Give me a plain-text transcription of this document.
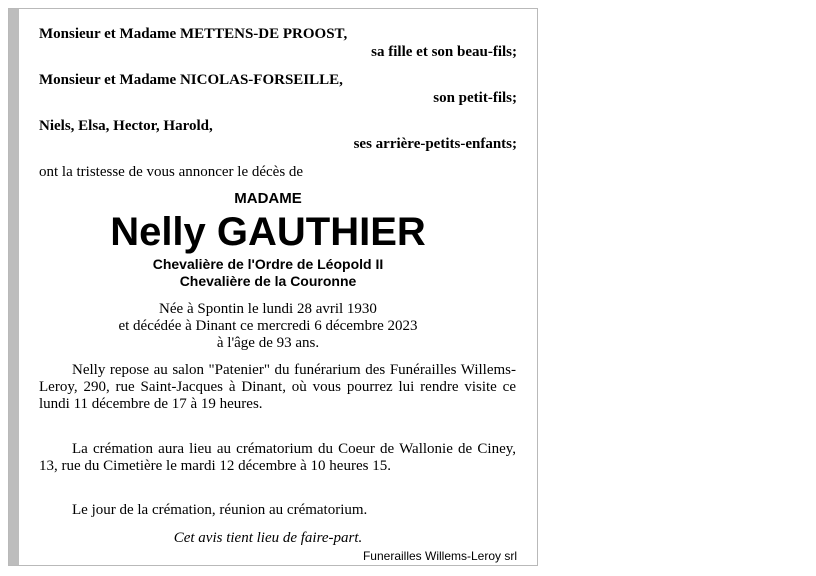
Monsieur et Madame METTENS-DE PROOST,
sa fille et son beau-fils;
Monsieur et Madame NICOLAS-FORSEILLE,
son petit-fils;
Niels, Elsa, Hector, Harold,
ses arrière-petits-enfants;
ont la tristesse de vous annoncer le décès de
MADAME
Nelly GAUTHIER
Chevalière de l'Ordre de Léopold II
Chevalière de la Couronne
Née à Spontin le lundi 28 avril 1930
et décédée à Dinant ce mercredi 6 décembre 2023
à l'âge de 93 ans.
Nelly repose au salon "Patenier" du funérarium des Funérailles Willems-Leroy, 290, rue Saint-Jacques à Dinant, où vous pourrez lui rendre visite ce lundi 11 décembre de 17 à 19 heures.
La crémation aura lieu au crématorium du Coeur de Wallonie de Ciney, 13, rue du Cimetière le mardi 12 décembre à 10 heures 15.
Le jour de la crémation, réunion au crématorium.
Cet avis tient lieu de faire-part.
Funerailles Willems-Leroy srl
